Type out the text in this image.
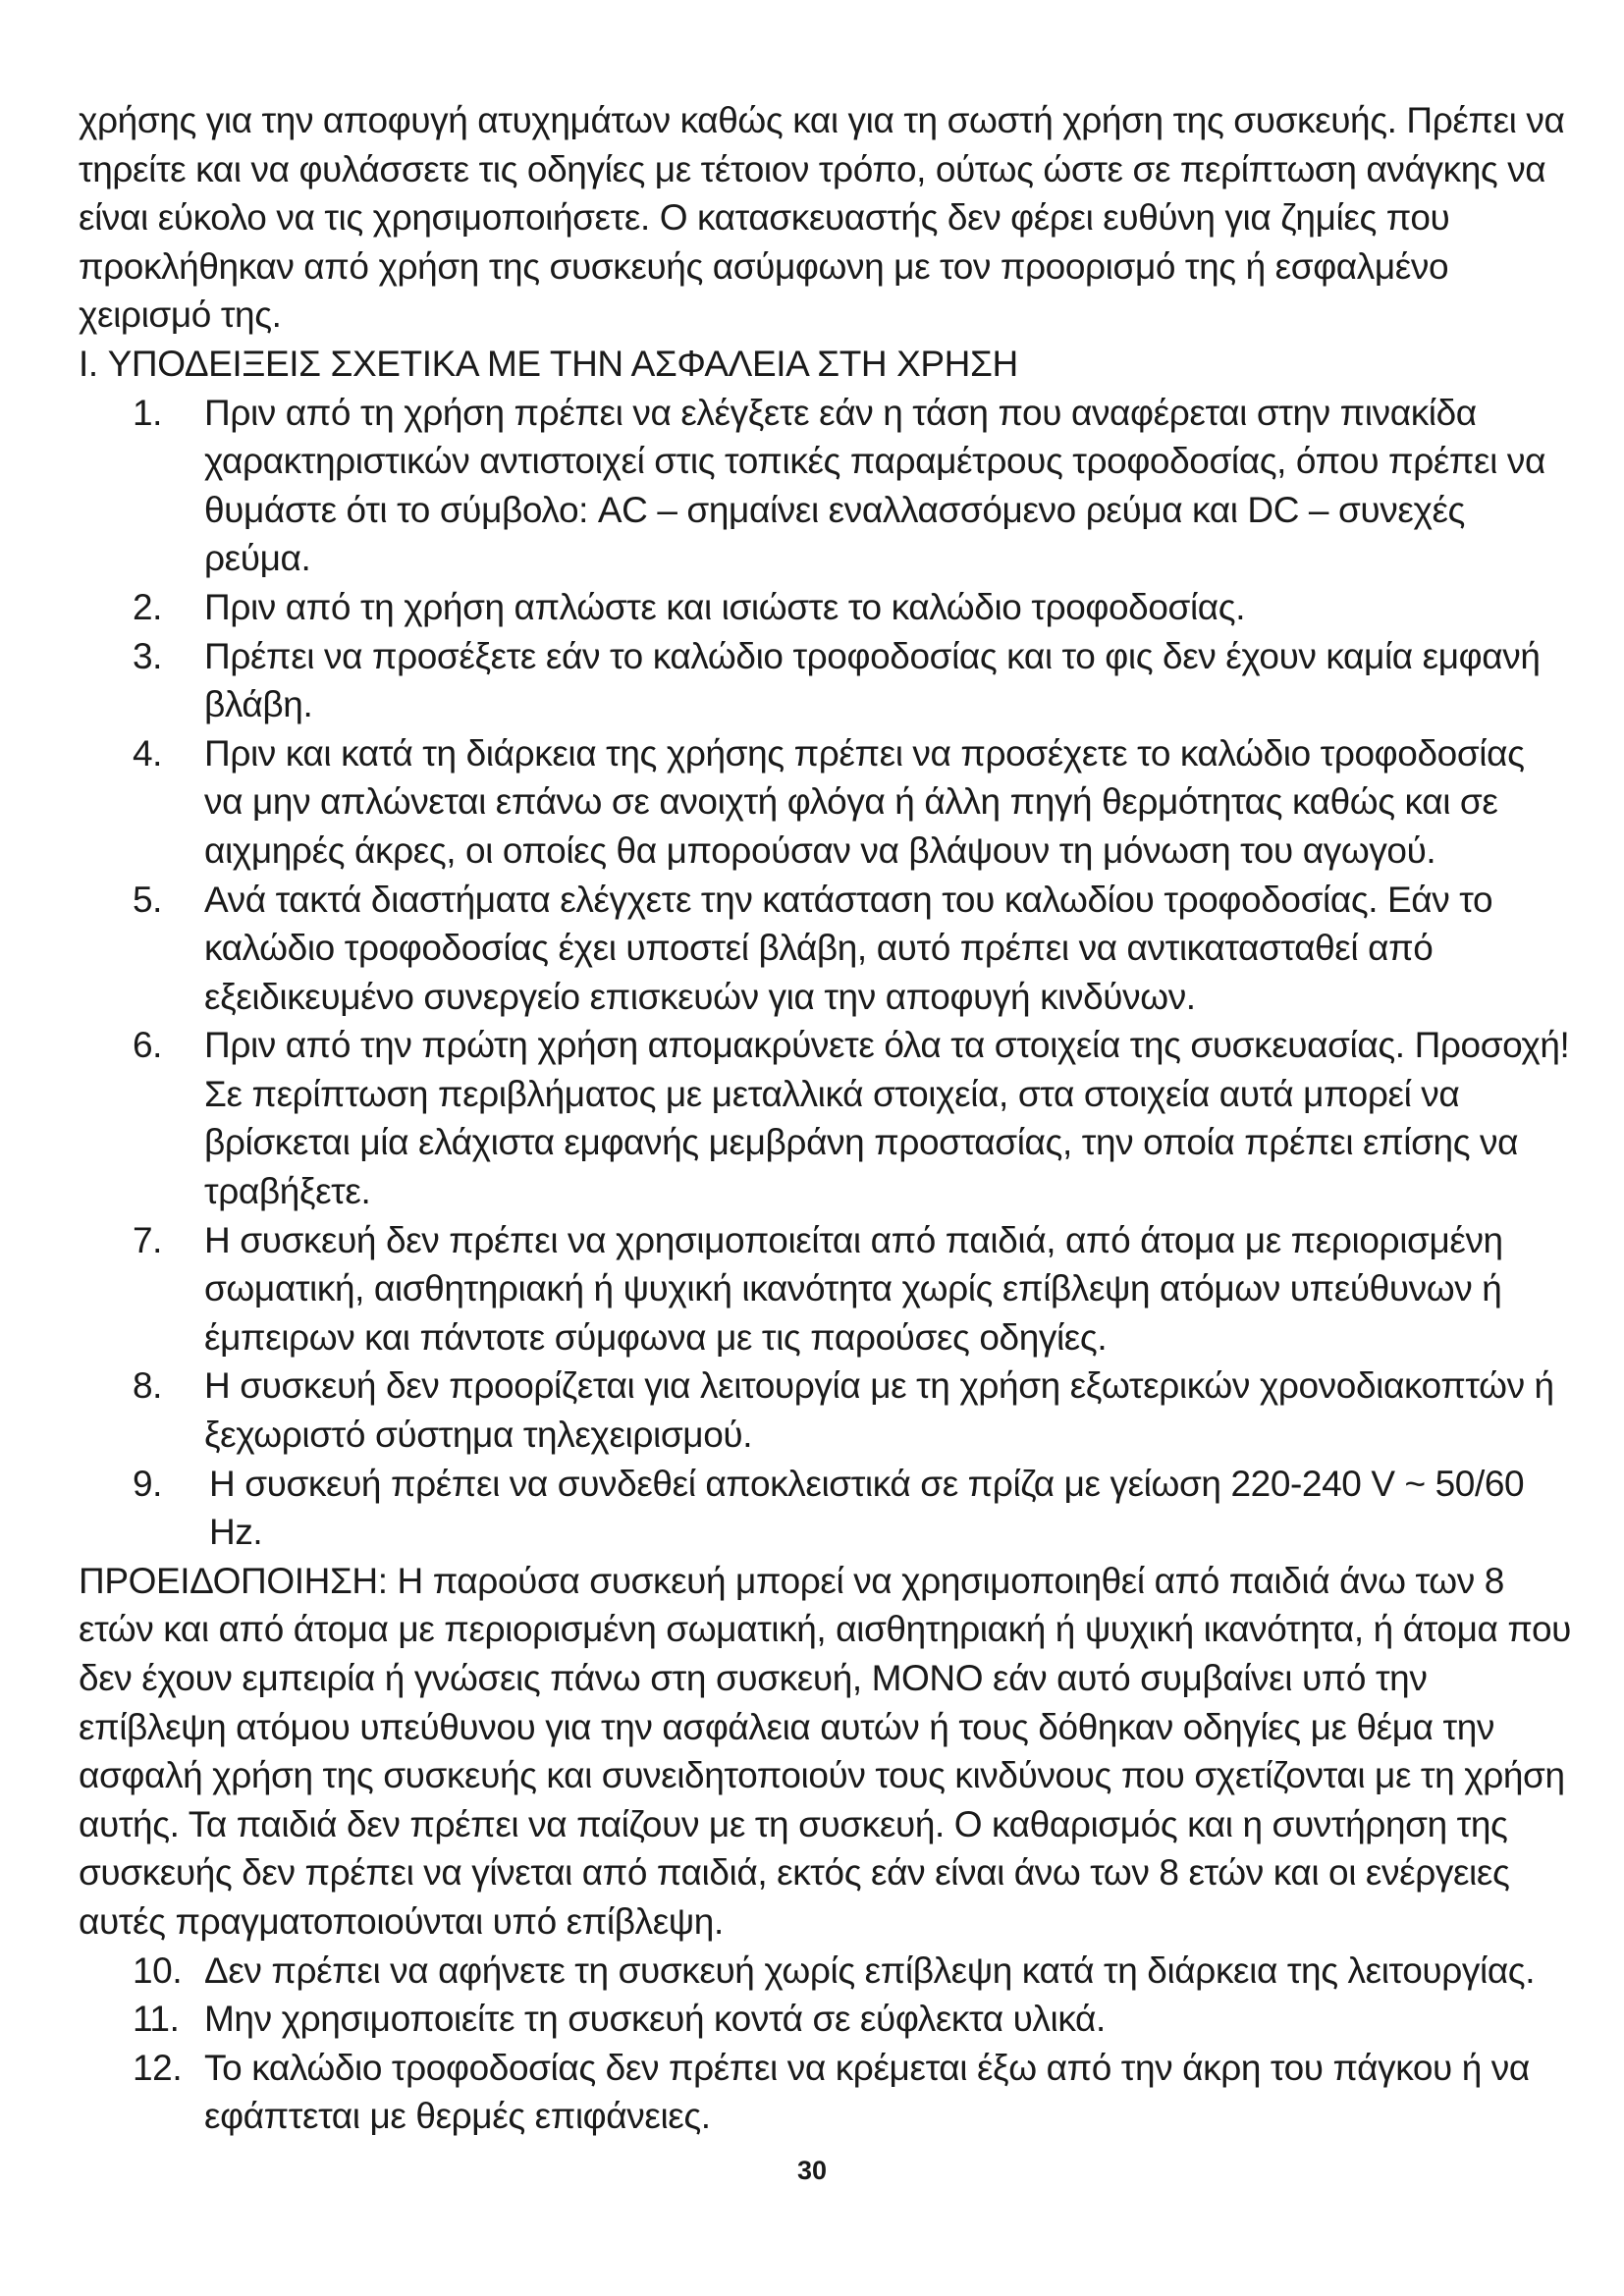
χρήσης για την αποφυγή ατυχημάτων καθώς και για τη σωστή χρήση της συσκευής. Πρέπει να τηρείτε και να φυλάσσετε τις οδηγίες με τέτοιον τρόπο, ούτως ώστε σε περίπτωση ανάγκης να είναι εύκολο να τις χρησιμοποιήσετε. Ο κατασκευαστής δεν φέρει ευθύνη για ζημίες που προκλήθηκαν από χρήση της συσκευής ασύμφωνη με τον προορισμό της ή εσφαλμένο χειρισμό της.

I. ΥΠΟΔΕΙΞΕΙΣ ΣΧΕΤΙΚΑ ΜΕ ΤΗΝ ΑΣΦΑΛΕΙΑ ΣΤΗ ΧΡΗΣΗ

1. Πριν από τη χρήση πρέπει να ελέγξετε εάν η τάση που αναφέρεται στην πινακίδα χαρακτηριστικών αντιστοιχεί στις τοπικές παραμέτρους τροφοδοσίας, όπου πρέπει να θυμάστε ότι το σύμβολο: AC – σημαίνει εναλλασσόμενο ρεύμα και DC – συνεχές ρεύμα.
2. Πριν από τη χρήση απλώστε και ισιώστε το καλώδιο τροφοδοσίας.
3. Πρέπει να προσέξετε εάν το καλώδιο τροφοδοσίας και το φις δεν έχουν καμία εμφανή βλάβη.
4. Πριν και κατά τη διάρκεια της χρήσης πρέπει να προσέχετε το καλώδιο τροφοδοσίας να μην απλώνεται επάνω σε ανοιχτή φλόγα ή άλλη πηγή θερμότητας καθώς και σε αιχμηρές άκρες, οι οποίες θα μπορούσαν να βλάψουν τη μόνωση του αγωγού.
5. Ανά τακτά διαστήματα ελέγχετε την κατάσταση του καλωδίου τροφοδοσίας. Εάν το καλώδιο τροφοδοσίας έχει υποστεί βλάβη, αυτό πρέπει να αντικατασταθεί από εξειδικευμένο συνεργείο επισκευών για την αποφυγή κινδύνων.
6. Πριν από την πρώτη χρήση απομακρύνετε όλα τα στοιχεία της συσκευασίας. Προσοχή! Σε περίπτωση περιβλήματος με μεταλλικά στοιχεία, στα στοιχεία αυτά μπορεί να βρίσκεται μία ελάχιστα εμφανής μεμβράνη προστασίας, την οποία πρέπει επίσης να τραβήξετε.
7. Η συσκευή δεν πρέπει να χρησιμοποιείται από παιδιά, από άτομα με περιορισμένη σωματική, αισθητηριακή ή ψυχική ικανότητα χωρίς επίβλεψη ατόμων υπεύθυνων ή έμπειρων και πάντοτε σύμφωνα με τις παρούσες οδηγίες.
8. Η συσκευή δεν προορίζεται για λειτουργία με τη χρήση εξωτερικών χρονοδιακοπτών ή ξεχωριστό σύστημα τηλεχειρισμού.
9. Η συσκευή πρέπει να συνδεθεί αποκλειστικά σε πρίζα με γείωση 220-240 V ~ 50/60 Hz.

ΠΡΟΕΙΔΟΠΟΙΗΣΗ: Η παρούσα συσκευή μπορεί να χρησιμοποιηθεί από παιδιά άνω των 8 ετών και από άτομα με περιορισμένη σωματική, αισθητηριακή ή ψυχική ικανότητα, ή άτομα που δεν έχουν εμπειρία ή γνώσεις πάνω στη συσκευή, ΜΟΝΟ εάν αυτό συμβαίνει υπό την επίβλεψη ατόμου υπεύθυνου για την ασφάλεια αυτών ή τους δόθηκαν οδηγίες με θέμα την ασφαλή χρήση της συσκευής και συνειδητοποιούν τους κινδύνους που σχετίζονται με τη χρήση αυτής. Τα παιδιά δεν πρέπει να παίζουν με τη συσκευή. Ο καθαρισμός και η συντήρηση της συσκευής δεν πρέπει να γίνεται από παιδιά, εκτός εάν είναι άνω των 8 ετών και οι ενέργειες αυτές πραγματοποιούνται υπό επίβλεψη.

10. Δεν πρέπει να αφήνετε τη συσκευή χωρίς επίβλεψη κατά τη διάρκεια της λειτουργίας.
11. Μην χρησιμοποιείτε τη συσκευή κοντά σε εύφλεκτα υλικά.
12. Το καλώδιο τροφοδοσίας δεν πρέπει να κρέμεται έξω από την άκρη του πάγκου ή να εφάπτεται με θερμές επιφάνειες.
30
